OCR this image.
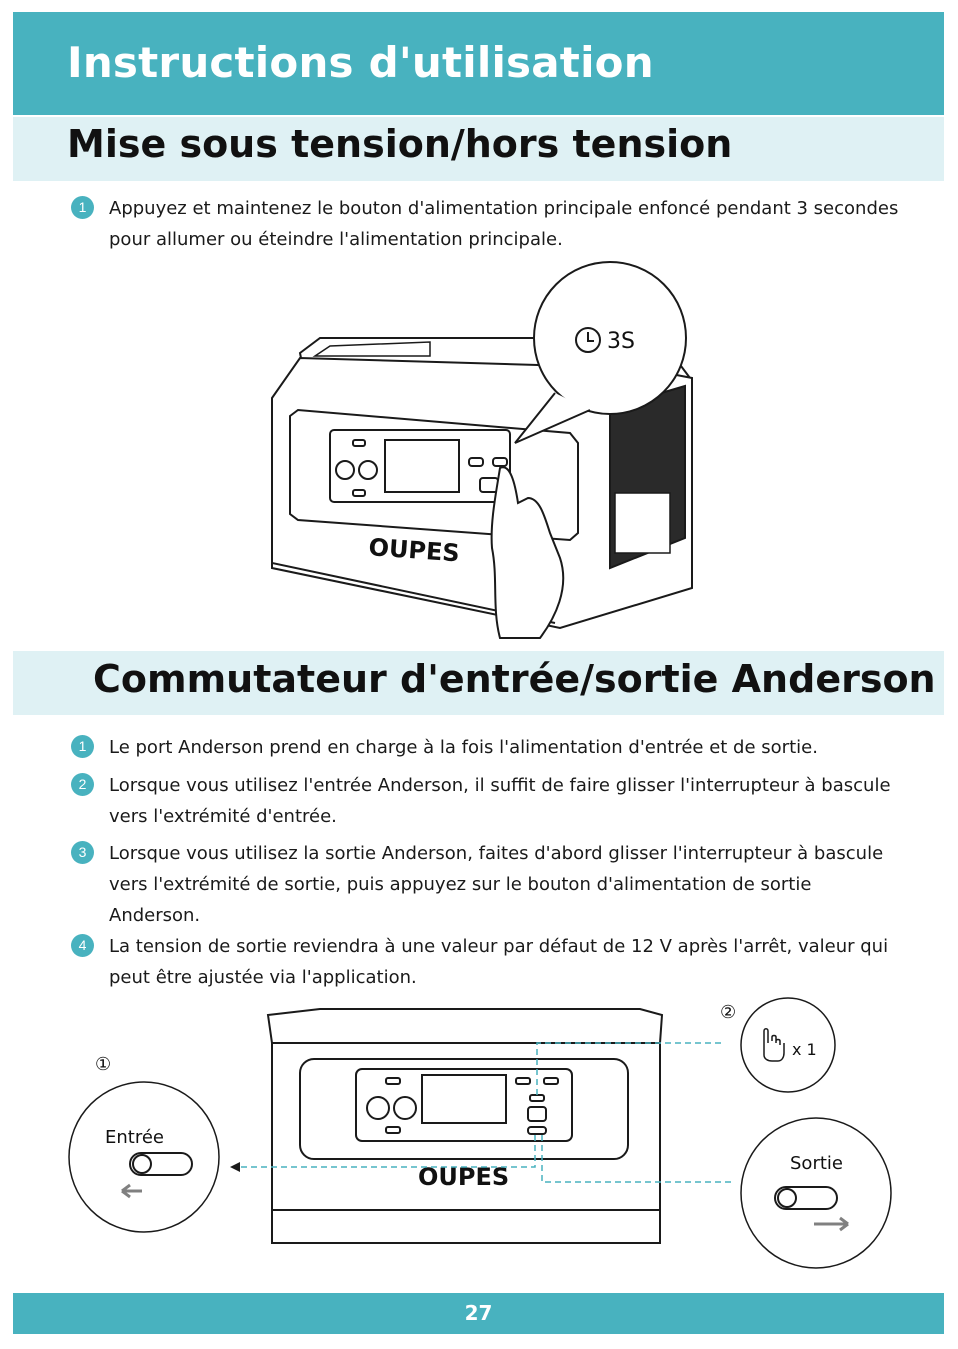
Instructions d'utilisation
Mise sous tension/hors tension
1	Appuyez et maintenez le bouton d'alimentation principale enfoncé pendant 3 secondes pour allumer ou éteindre l'alimentation principale.
OUPES
3S
Commutateur d'entrée/sortie Anderson
1	Le port Anderson prend en charge à la fois l'alimentation d'entrée et de sortie.
2	Lorsque vous utilisez l'entrée Anderson, il suffit de faire glisser l'interrupteur à bascule vers l'extrémité d'entrée.
3	Lorsque vous utilisez la sortie Anderson, faites d'abord glisser l'interrupteur à bascule vers l'extrémité de sortie, puis appuyez sur le bouton d'alimentation de sortie Anderson.
4	La tension de sortie reviendra à une valeur par défaut de 12 V après l'arrêt, valeur qui peut être ajustée via l'application.
OUPES
①
Entrée
②
x 1
Sortie
27
